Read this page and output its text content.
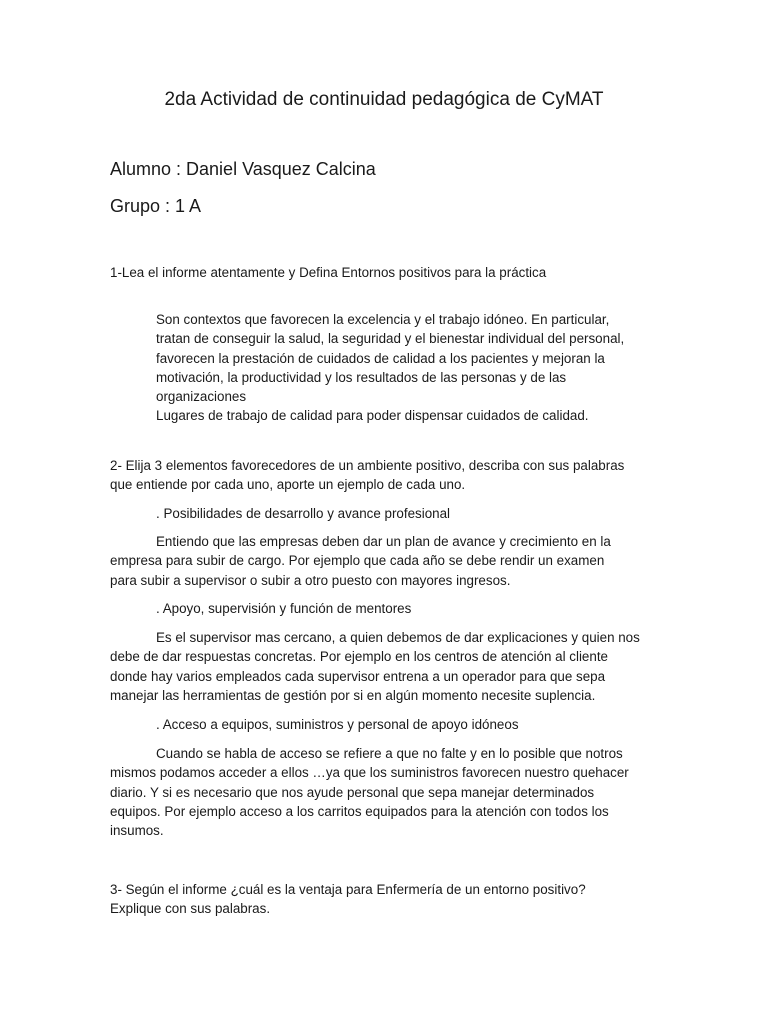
2da Actividad de continuidad pedagógica de CyMAT
Alumno : Daniel Vasquez Calcina
Grupo : 1 A
1-Lea el informe atentamente y Defina Entornos positivos para la práctica
Son contextos que favorecen la excelencia y el trabajo idóneo. En particular,
tratan de conseguir la salud, la seguridad y el bienestar individual del personal,
favorecen la prestación de cuidados de calidad a los pacientes y mejoran la
motivación, la productividad y los resultados de las personas y de las
organizaciones
Lugares de trabajo de calidad para poder dispensar cuidados de calidad.
2- Elija 3 elementos favorecedores de un ambiente positivo, describa con sus palabras
que entiende por cada uno, aporte un ejemplo de cada uno.
. Posibilidades de desarrollo y avance profesional
Entiendo que las empresas deben dar un plan de avance y crecimiento en la
empresa para subir de cargo. Por ejemplo que cada año se debe rendir un examen
para subir a supervisor o subir a otro puesto con mayores ingresos.
. Apoyo, supervisión y función de mentores
Es el supervisor mas cercano, a quien debemos de dar explicaciones y quien nos
debe de dar respuestas concretas. Por ejemplo en los centros de atención al cliente
donde hay varios empleados cada supervisor entrena a un operador para que sepa
manejar las herramientas de gestión por si en algún momento necesite suplencia.
. Acceso a equipos, suministros y personal de apoyo idóneos
Cuando se habla de acceso se refiere a que no falte y en lo posible que notros
mismos podamos acceder a ellos …ya que los suministros favorecen nuestro quehacer
diario. Y si es necesario que nos ayude personal que sepa manejar determinados
equipos. Por ejemplo acceso a los carritos equipados para la atención con todos los
insumos.
3- Según el informe ¿cuál es la ventaja para Enfermería de un entorno positivo?
Explique con sus palabras.
